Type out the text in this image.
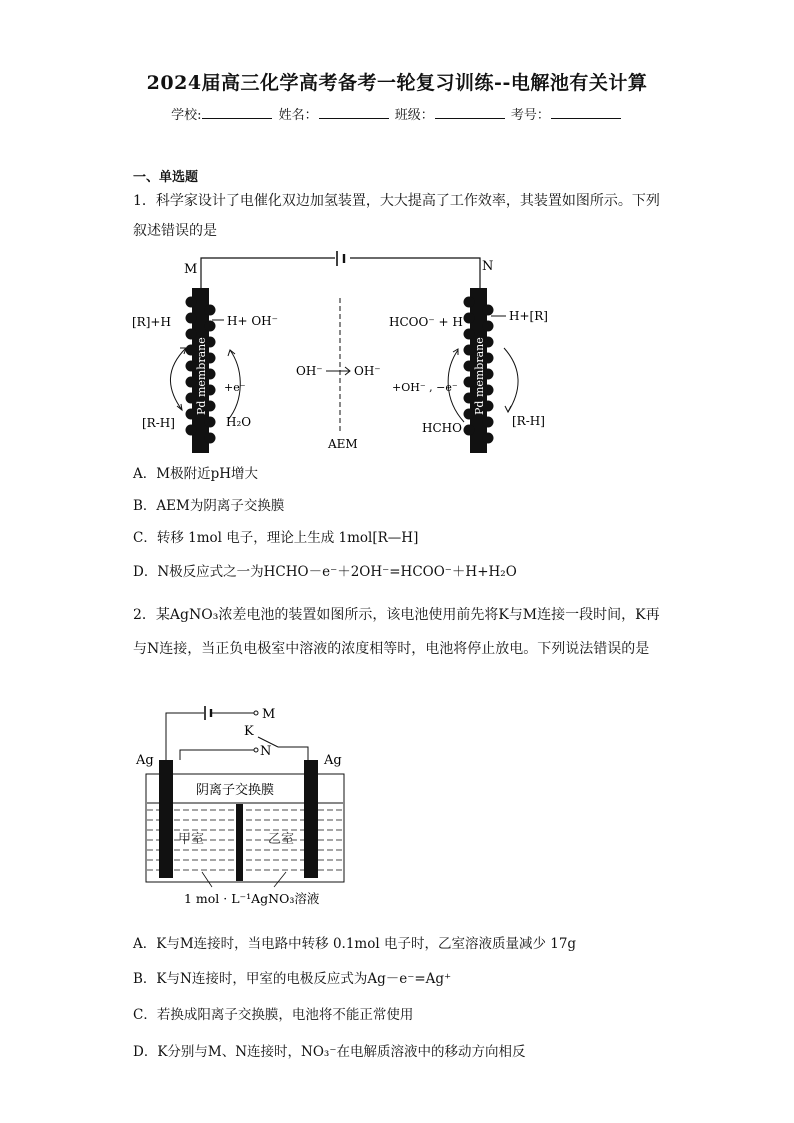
2024届高三化学高考备考一轮复习训练--电解池有关计算
学校:	姓名：	班级：	考号：
一、单选题
1．科学家设计了电催化双边加氢装置，大大提高了工作效率，其装置如图所示。下列叙述错误的是
M	N
Pd membrane	Pd membrane
[R]+H	H+ OH⁻
+e⁻
H₂O
[R-H]
OH⁻	OH⁻
AEM
HCOO⁻ + H	H+[R]
+OH⁻ , −e⁻
HCHO	[R-H]
A．M极附近pH增大
B．AEM为阴离子交换膜
C．转移 1mol 电子，理论上生成 1mol[R—H]
D．N极反应式之一为HCHO－e⁻＋2OH⁻=HCOO⁻＋H+H₂O
2．某AgNO₃浓差电池的装置如图所示，该电池使用前先将K与M连接一段时间，K再与N连接，当正负电极室中溶液的浓度相等时，电池将停止放电。下列说法错误的是
M
N
K
Ag	Ag
阴离子交换膜
甲室	乙室
1 mol · L⁻¹AgNO₃溶液
A．K与M连接时，当电路中转移 0.1mol 电子时，乙室溶液质量减少 17g
B．K与N连接时，甲室的电极反应式为Ag－e⁻=Ag⁺
C．若换成阳离子交换膜，电池将不能正常使用
D．K分别与M、N连接时，NO₃⁻在电解质溶液中的移动方向相反
